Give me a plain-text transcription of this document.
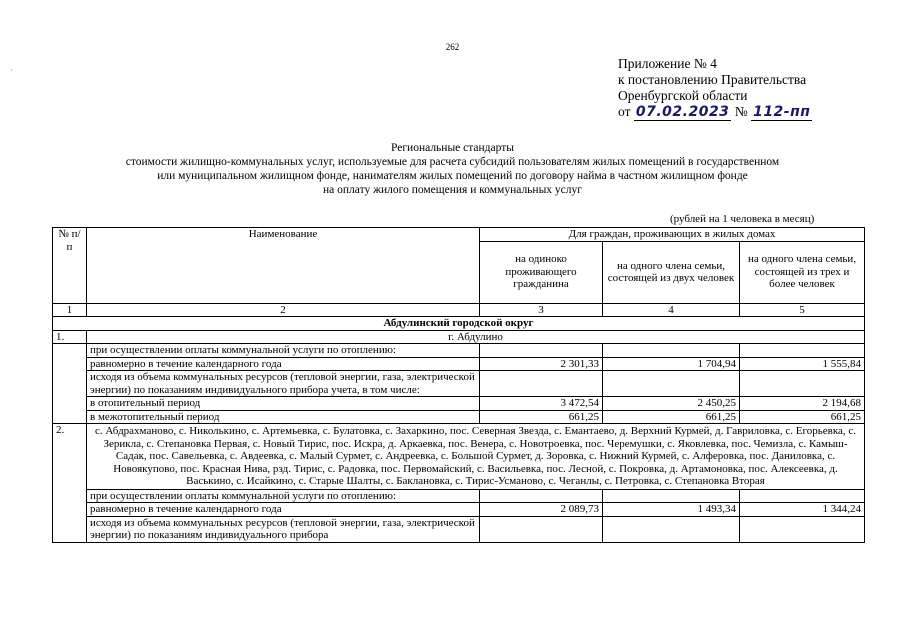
262
·	Приложение № 4
к постановлению Правительства
Оренбургской области
от 07.02.2023 № 112-пп
Региональные стандарты
стоимости жилищно-коммунальных услуг, используемые для расчета субсидий пользователям жилых помещений в государственном
или муниципальном жилищном фонде, нанимателям жилых помещений по договору найма в частном жилищном фонде
на оплату жилого помещения и коммунальных услуг
(рублей на 1 человека в месяц)
№ п/п	Наименование	Для граждан, проживающих в жилых домах		
		на одиноко проживающего гражданина	на одного члена семьи, состоящей из двух человек	на одного члена семьи, состоящей из трех и более человек
1	2	3	4	5
Абдулинский городской округ				
1.	г. Абдулино			
	при осуществлении оплаты коммунальной услуги по отоплению:			
	равномерно в течение календарного года	2 301,33	1 704,94	1 555,84
	исходя из объема коммунальных ресурсов (тепловой энергии, газа, электрической энергии) по показаниям индивидуального прибора учета, в том числе:			
	в отопительный период	3 472,54	2 450,25	2 194,68
	в межотопительный период	661,25	661,25	661,25
2.	с. Абдрахманово, с. Николькино, с. Артемьевка, с. Булатовка, с. Захаркино, пос. Северная Звезда, с. Емантаево, д. Верхний Курмей, д. Гавриловка, с. Егорьевка, с. Зерикла, с. Степановка Первая, с. Новый Тирис, пос. Искра, д. Аркаевка, пос. Венера, с. Новотроевка, пос. Черемушки, с. Яковлевка, пос. Чемизла, с. Камыш-Садак, пос. Савельевка, с. Авдеевка, с. Малый Сурмет, с. Андреевка, с. Большой Сурмет, д. Зоровка, с. Нижний Курмей, с. Алферовка, пос. Даниловка, с. Новоякупово, пос. Красная Нива, рзд. Тирис, с. Радовка, пос. Первомайский, с. Васильевка, пос. Лесной, с. Покровка, д. Артамоновка, пос. Алексеевка, д. Васькино, с. Исайкино, с. Старые Шалты, с. Баклановка, с. Тирис-Усманово, с. Чеганлы, с. Петровка, с. Степановка Вторая			
	при осуществлении оплаты коммунальной услуги по отоплению:			
	равномерно в течение календарного года	2 089,73	1 493,34	1 344,24
	исходя из объема коммунальных ресурсов (тепловой энергии, газа, электрической энергии) по показаниям индивидуального прибора			
